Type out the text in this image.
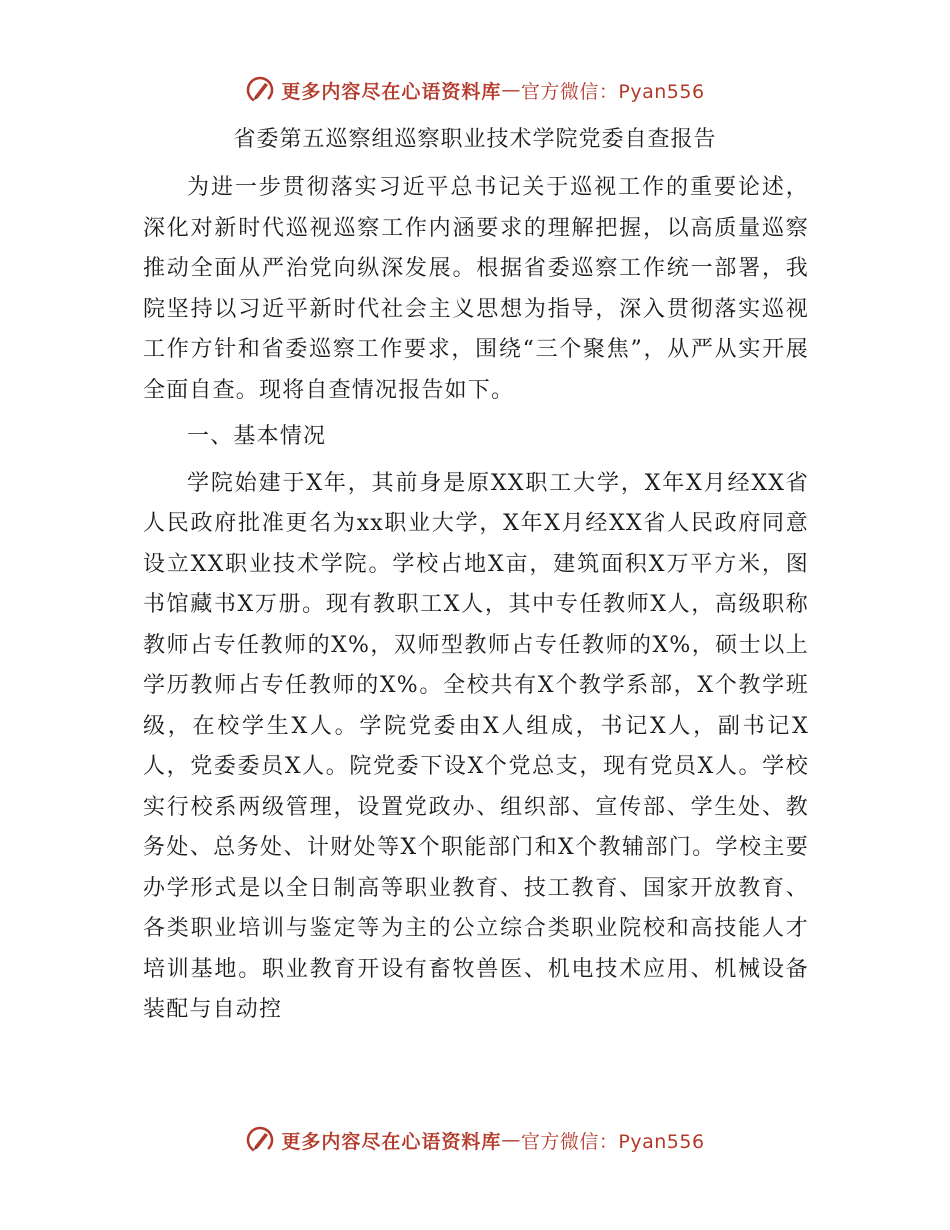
更多内容尽在心语资料库 — 官方微信：Pyan556
省委第五巡察组巡察职业技术学院党委自查报告

为进一步贯彻落实习近平总书记关于巡视工作的重要论述，深化对新时代巡视巡察工作内涵要求的理解把握，以高质量巡察推动全面从严治党向纵深发展。根据省委巡察工作统一部署，我院坚持以习近平新时代社会主义思想为指导，深入贯彻落实巡视工作方针和省委巡察工作要求，围绕“三个聚焦”，从严从实开展全面自查。现将自查情况报告如下。

一、基本情况

学院始建于X年，其前身是原XX职工大学，X年X月经XX省人民政府批准更名为xx职业大学，X年X月经XX省人民政府同意设立XX职业技术学院。学校占地X亩，建筑面积X万平方米，图书馆藏书X万册。现有教职工X人，其中专任教师X人，高级职称教师占专任教师的X%，双师型教师占专任教师的X%，硕士以上学历教师占专任教师的X%。全校共有X个教学系部，X个教学班级，在校学生X人。学院党委由X人组成，书记X人，副书记X人，党委委员X人。院党委下设X个党总支，现有党员X人。学校实行校系两级管理，设置党政办、组织部、宣传部、学生处、教务处、总务处、计财处等X个职能部门和X个教辅部门。学校主要办学形式是以全日制高等职业教育、技工教育、国家开放教育、各类职业培训与鉴定等为主的公立综合类职业院校和高技能人才培训基地。职业教育开设有畜牧兽医、机电技术应用、机械设备装配与自动控

更多内容尽在心语资料库 — 官方微信：Pyan556
